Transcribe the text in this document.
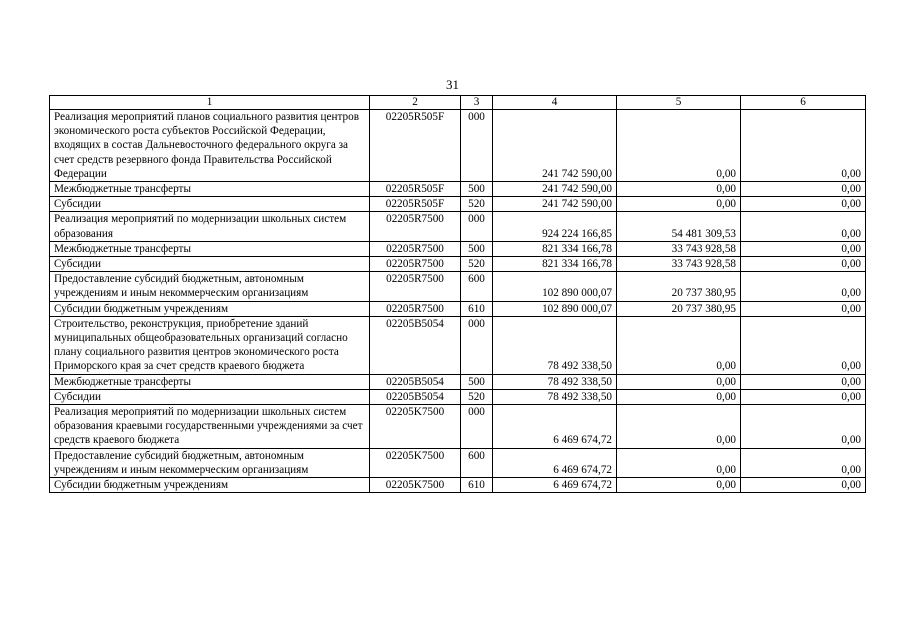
31
1	2	3	4	5	6
Реализация мероприятий планов социального развития центров экономического роста субъектов Российской Федерации, входящих в состав Дальневосточного федерального округа за счет средств резервного фонда Правительства Российской Федерации	02205R505F	000	241 742 590,00	0,00	0,00
Межбюджетные трансферты	02205R505F	500	241 742 590,00	0,00	0,00
Субсидии	02205R505F	520	241 742 590,00	0,00	0,00
Реализация мероприятий по модернизации школьных систем образования	02205R7500	000	924 224 166,85	54 481 309,53	0,00
Межбюджетные трансферты	02205R7500	500	821 334 166,78	33 743 928,58	0,00
Субсидии	02205R7500	520	821 334 166,78	33 743 928,58	0,00
Предоставление субсидий бюджетным, автономным учреждениям и иным некоммерческим организациям	02205R7500	600	102 890 000,07	20 737 380,95	0,00
Субсидии бюджетным учреждениям	02205R7500	610	102 890 000,07	20 737 380,95	0,00
Строительство, реконструкция, приобретение зданий муниципальных общеобразовательных организаций согласно плану социального развития центров экономического роста Приморского края за счет средств краевого бюджета	02205B5054	000	78 492 338,50	0,00	0,00
Межбюджетные трансферты	02205B5054	500	78 492 338,50	0,00	0,00
Субсидии	02205B5054	520	78 492 338,50	0,00	0,00
Реализация мероприятий по модернизации школьных систем образования краевыми государственными учреждениями за счет средств краевого бюджета	02205K7500	000	6 469 674,72	0,00	0,00
Предоставление субсидий бюджетным, автономным учреждениям и иным некоммерческим организациям	02205K7500	600	6 469 674,72	0,00	0,00
Субсидии бюджетным учреждениям	02205K7500	610	6 469 674,72	0,00	0,00
